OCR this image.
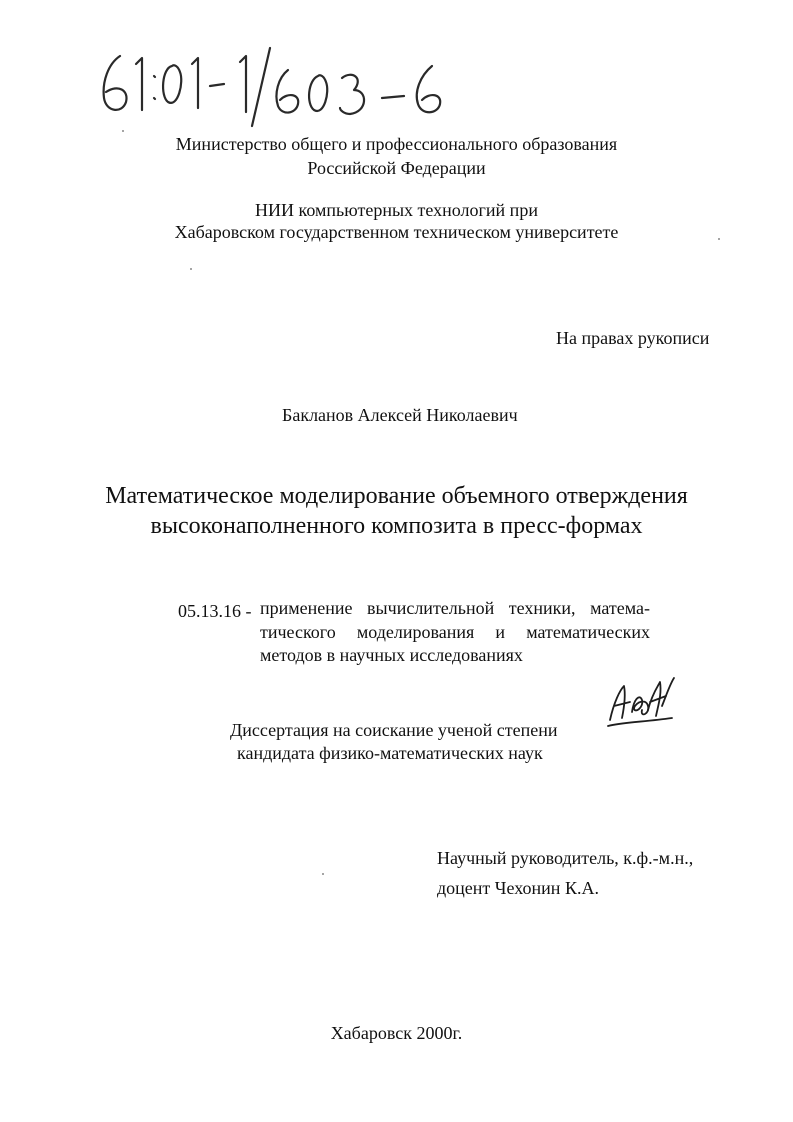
Министерство общего и профессионального образования
Российской Федерации
НИИ компьютерных технологий при
Хабаровском государственном техническом университете
На правах рукописи
Бакланов Алексей Николаевич
Математическое моделирование объемного отверждения
высоконаполненного композита в пресс-формах
05.13.16 - применение вычислительной техники, матема-
тического моделирования и математических
методов в научных исследованиях
Диссертация на соискание ученой степени
кандидата физико-математических наук
Научный руководитель, к.ф.-м.н.,
доцент Чехонин К.А.
Хабаровск 2000г.
